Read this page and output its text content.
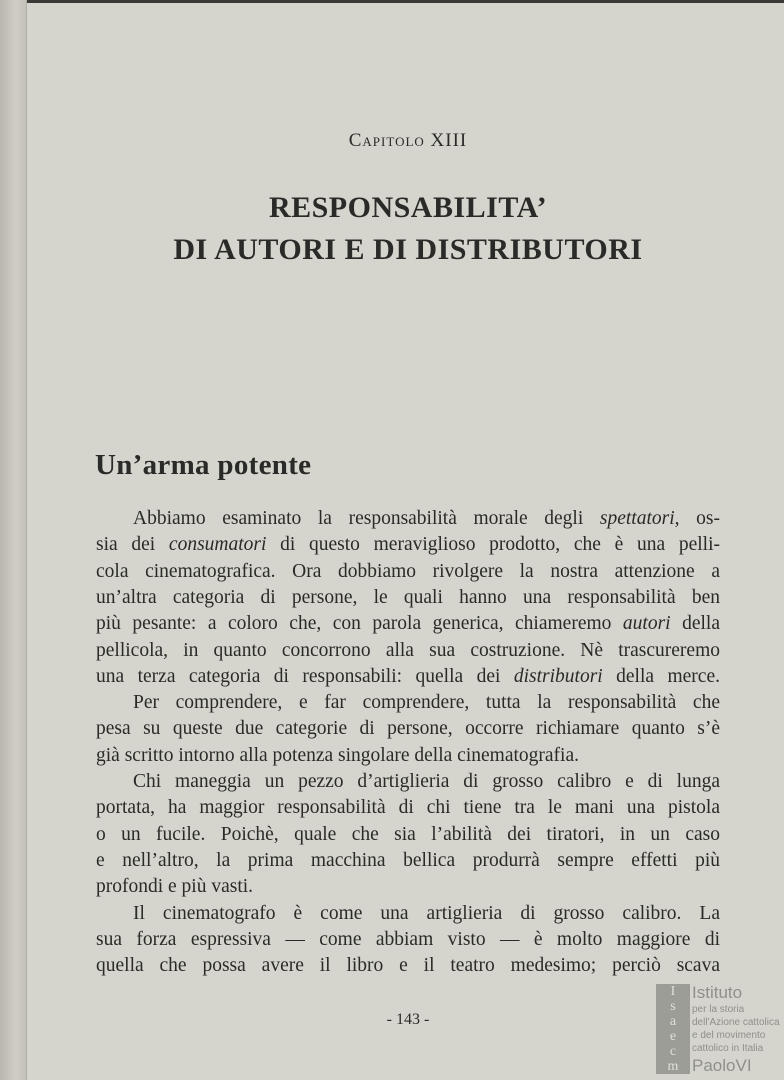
Capitolo XIII
RESPONSABILITA’
DI AUTORI E DI DISTRIBUTORI
Un’arma potente
Abbiamo esaminato la responsabilità morale degli spettatori, os-
sia dei consumatori di questo meraviglioso prodotto, che è una pelli-
cola cinematografica. Ora dobbiamo rivolgere la nostra attenzione a
un’altra categoria di persone, le quali hanno una responsabilità ben
più pesante: a coloro che, con parola generica, chiameremo autori della
pellicola, in quanto concorrono alla sua costruzione. Nè trascureremo
una terza categoria di responsabili: quella dei distributori della merce.
Per comprendere, e far comprendere, tutta la responsabilità che
pesa su queste due categorie di persone, occorre richiamare quanto s’è
già scritto intorno alla potenza singolare della cinematografia.
Chi maneggia un pezzo d’artiglieria di grosso calibro e di lunga
portata, ha maggior responsabilità di chi tiene tra le mani una pistola
o un fucile. Poichè, quale che sia l’abilità dei tiratori, in un caso
e nell’altro, la prima macchina bellica produrrà sempre effetti più
profondi e più vasti.
Il cinematografo è come una artiglieria di grosso calibro. La
sua forza espressiva — come abbiam visto — è molto maggiore di
quella che possa avere il libro e il teatro medesimo; perciò scava
- 143 -
I
s
a
e
c
m
Istituto
per la storia
dell'Azione cattolica
e del movimento
cattolico in Italia
PaoloVI
